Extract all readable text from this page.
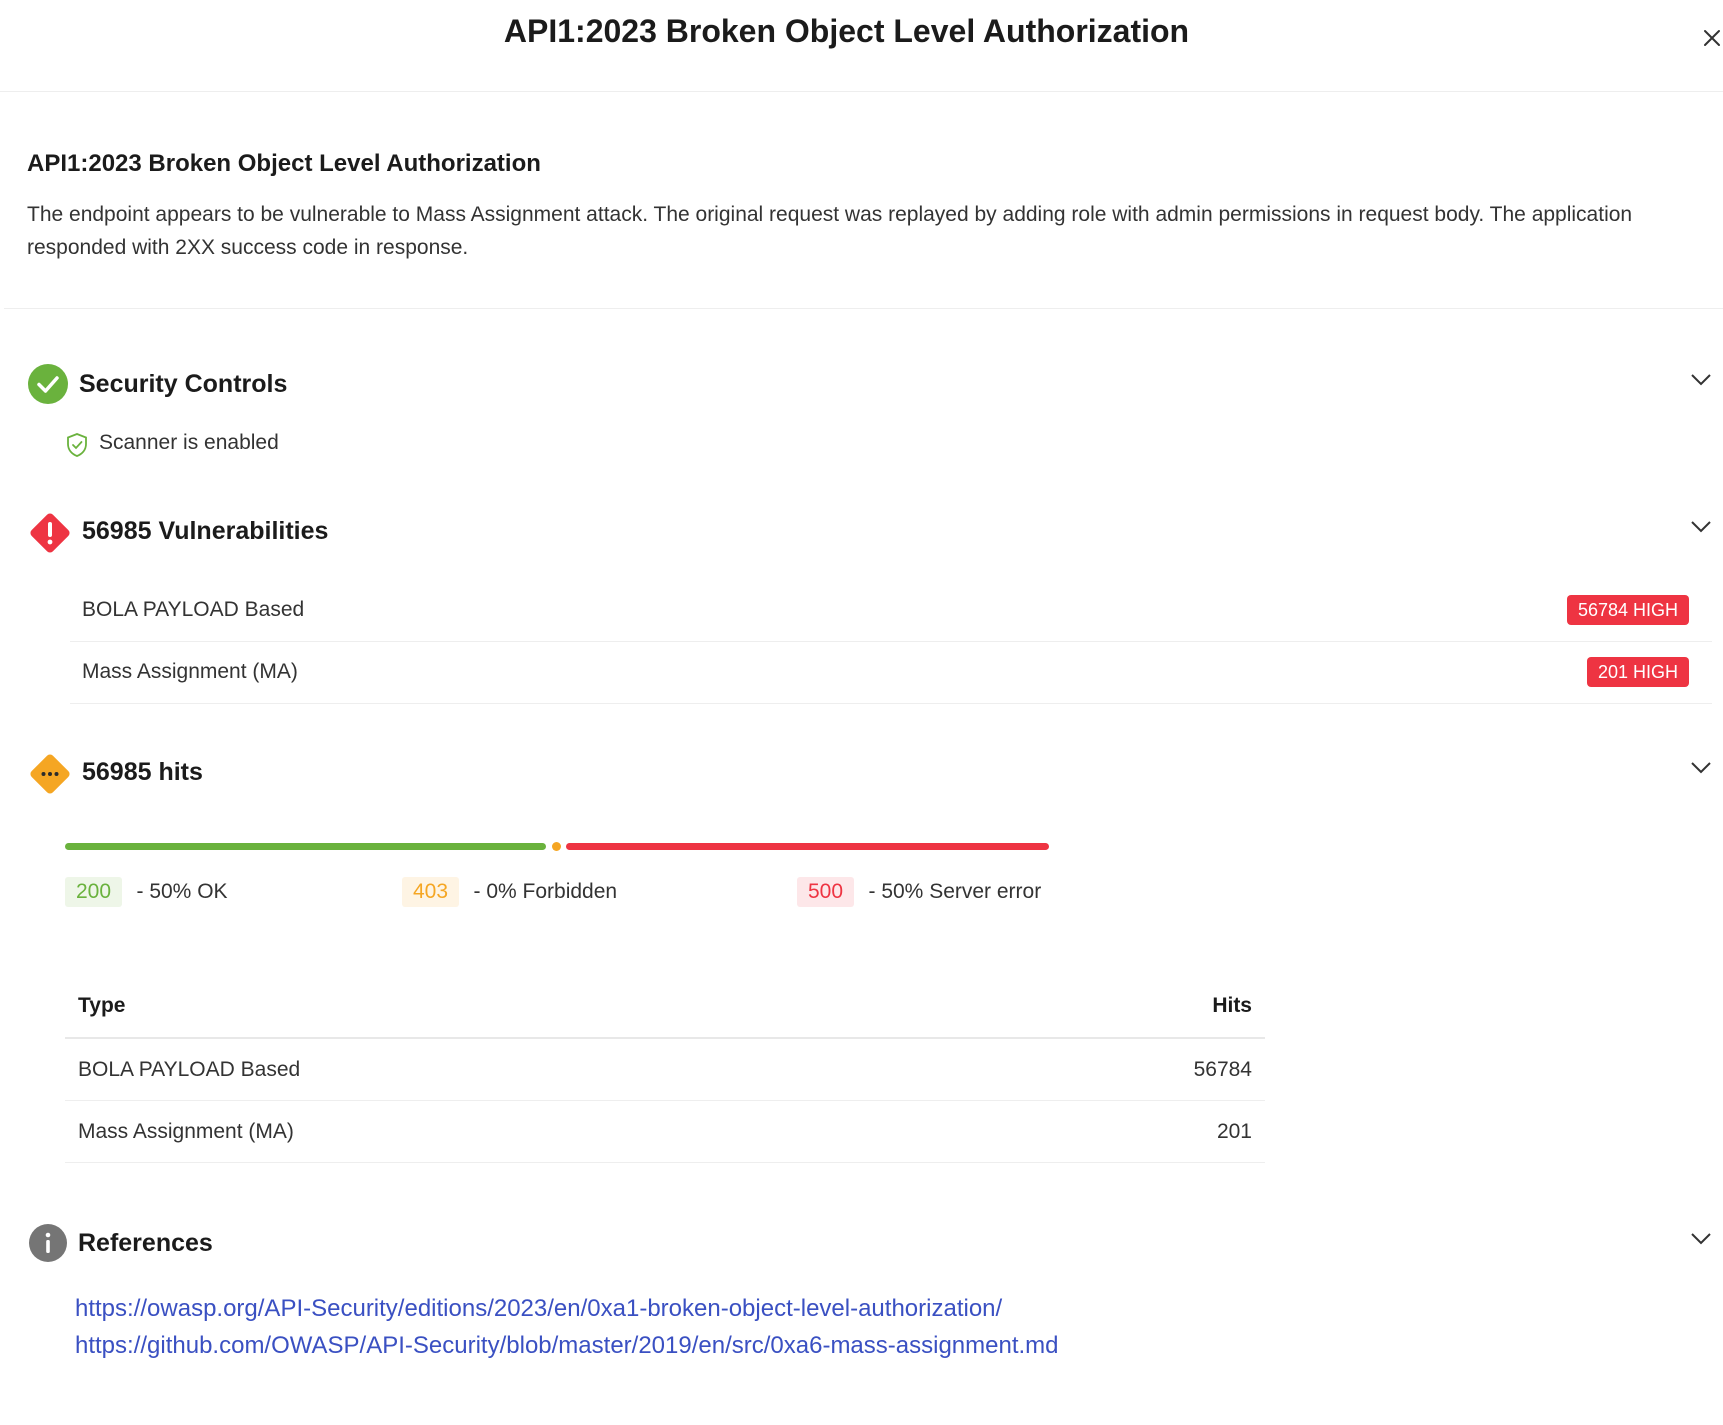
API1:2023 Broken Object Level Authorization
API1:2023 Broken Object Level Authorization
The endpoint appears to be vulnerable to Mass Assignment attack. The original request was replayed by adding role with admin permissions in request body. The application responded with 2XX success code in response.
Security Controls
Scanner is enabled
56985 Vulnerabilities
BOLA PAYLOAD Based	56784 HIGH
Mass Assignment (MA)	201 HIGH
56985 hits
200 - 50% OK	403 - 0% Forbidden	500 - 50% Server error
Type	Hits
BOLA PAYLOAD Based	56784
Mass Assignment (MA)	201
References
https://owasp.org/API-Security/editions/2023/en/0xa1-broken-object-level-authorization/
https://github.com/OWASP/API-Security/blob/master/2019/en/src/0xa6-mass-assignment.md
